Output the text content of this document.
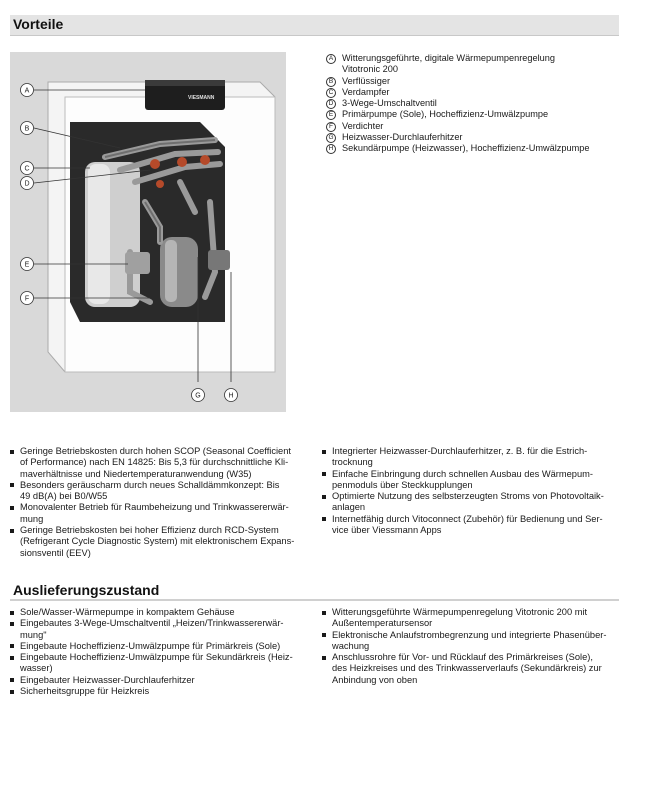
Vorteile
VIESMANN
A
B
C
D
E
F
G	H
A Witterungsgeführte, digitale Wärmepumpenregelung
Vitotronic 200
B Verflüssiger
C Verdampfer
D 3-Wege-Umschaltventil
E Primärpumpe (Sole), Hocheffizienz-Umwälzpumpe
F Verdichter
G Heizwasser-Durchlauferhitzer
H Sekundärpumpe (Heizwasser), Hocheffizienz-Umwälzpumpe
Geringe Betriebskosten durch hohen SCOP (Seasonal Coefficient
of Performance) nach EN 14825: Bis 5,3 für durchschnittliche Kli-
maverhältnisse und Niedertemperaturanwendung (W35)
Besonders geräuscharm durch neues Schalldämmkonzept: Bis
49 dB(A) bei B0/W55
Monovalenter Betrieb für Raumbeheizung und Trinkwassererwär-
mung
Geringe Betriebskosten bei hoher Effizienz durch RCD-System
(Refrigerant Cycle Diagnostic System) mit elektronischem Expans-
sionsventil (EEV)
Integrierter Heizwasser-Durchlauferhitzer, z. B. für die Estrich-
trocknung
Einfache Einbringung durch schnellen Ausbau des Wärmepum-
penmoduls über Steckkupplungen
Optimierte Nutzung des selbsterzeugten Stroms von Photovoltaik-
anlagen
Internetfähig durch Vitoconnect (Zubehör) für Bedienung und Ser-
vice über Viessmann Apps
Auslieferungszustand
Sole/Wasser-Wärmepumpe in kompaktem Gehäuse
Eingebautes 3-Wege-Umschaltventil „Heizen/Trinkwassererwär-
mung"
Eingebaute Hocheffizienz-Umwälzpumpe für Primärkreis (Sole)
Eingebaute Hocheffizienz-Umwälzpumpe für Sekundärkreis (Heiz-
wasser)
Eingebauter Heizwasser-Durchlauferhitzer
Sicherheitsgruppe für Heizkreis
Witterungsgeführte Wärmepumpenregelung Vitotronic 200 mit
Außentemperatursensor
Elektronische Anlaufstrombegrenzung und integrierte Phasenüber-
wachung
Anschlussrohre für Vor- und Rücklauf des Primärkreises (Sole),
des Heizkreises und des Trinkwasserverlaufs (Sekundärkreis) zur
Anbindung von oben
